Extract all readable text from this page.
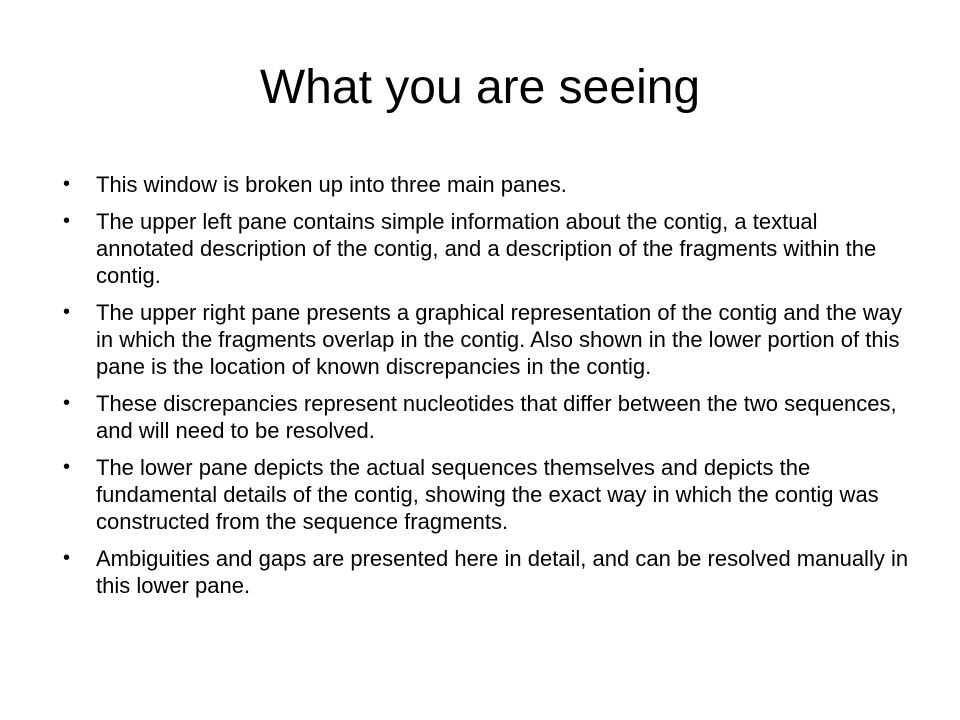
What you are seeing
• This window is broken up into three main panes.
• The upper left pane contains simple information about the contig, a textual annotated description of the contig, and a description of the fragments within the contig.
• The upper right pane presents a graphical representation of the contig and the way in which the fragments overlap in the contig. Also shown in the lower portion of this pane is the location of known discrepancies in the contig.
• These discrepancies represent nucleotides that differ between the two sequences, and will need to be resolved.
• The lower pane depicts the actual sequences themselves and depicts the fundamental details of the contig, showing the exact way in which the contig was constructed from the sequence fragments.
• Ambiguities and gaps are presented here in detail, and can be resolved manually in this lower pane.
